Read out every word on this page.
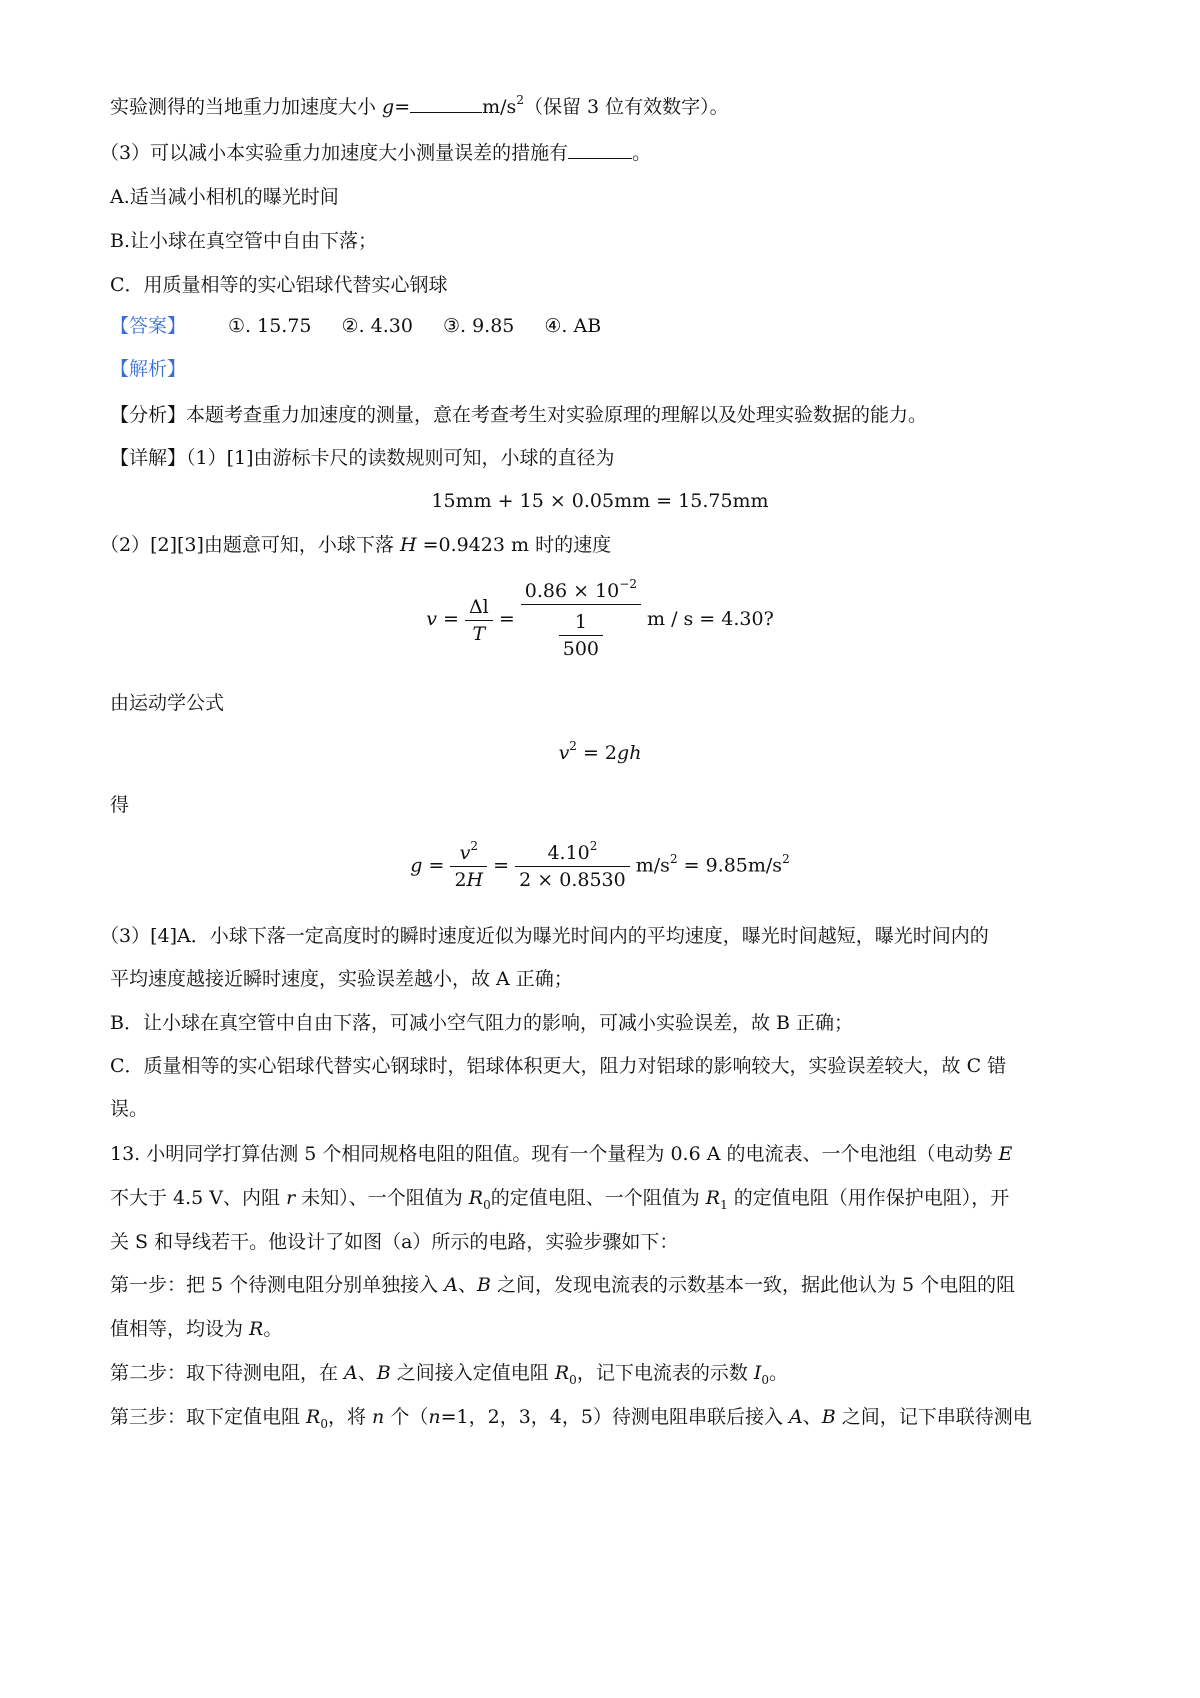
实验测得的当地重力加速度大小 g=	$m/s^2$（保留 3 位有效数字）。
（3）可以减小本实验重力加速度大小测量误差的措施有	。
A.适当减小相机的曝光时间
B.让小球在真空管中自由下落；
C．用质量相等的实心铝球代替实心钢球
【答案】 ①. 15.75 ②. 4.30 ③. 9.85 ④. AB
【解析】
【分析】本题考查重力加速度的测量，意在考查考生对实验原理的理解以及处理实验数据的能力。
【详解】（1）[1]由游标卡尺的读数规则可知，小球的直径为
15mm + 15 × 0.05mm = 15.75mm
（2）[2][3]由题意可知，小球下落 H =0.9423 m 时的速度
$v = \frac{\Delta l}{T} = \frac{0.86 \times 10^{-2}}{\frac{1}{500}}$ m / s = 4.30?
由运动学公式
$v^2 = 2gh$
得
$g = \frac{v^2}{2H} = \frac{4.10^2}{2 \times 0.8530} m/s^2 = 9.85m/s^2$
（3）[4]A．小球下落一定高度时的瞬时速度近似为曝光时间内的平均速度，曝光时间越短，曝光时间内的
平均速度越接近瞬时速度，实验误差越小，故 A 正确；
B．让小球在真空管中自由下落，可减小空气阻力的影响，可减小实验误差，故 B 正确；
C．质量相等的实心铝球代替实心钢球时，铝球体积更大，阻力对铝球的影响较大，实验误差较大，故 C 错
误。
13. 小明同学打算估测 5 个相同规格电阻的阻值。现有一个量程为 0.6 A 的电流表、一个电池组（电动势 E
不大于 4.5 V、内阻 r 未知）、一个阻值为 $R_0$的定值电阻、一个阻值为 $R_1$ 的定值电阻（用作保护电阻），开
关 S 和导线若干。他设计了如图（a）所示的电路，实验步骤如下：
第一步：把 5 个待测电阻分别单独接入 A、B 之间，发现电流表的示数基本一致，据此他认为 5 个电阻的阻
值相等，均设为 R。
第二步：取下待测电阻，在 A、B 之间接入定值电阻 $R_0$，记下电流表的示数 $I_0$。
第三步：取下定值电阻 $R_0$，将 n 个（n=1，2，3，4，5）待测电阻串联后接入 A、B 之间，记下串联待测电
